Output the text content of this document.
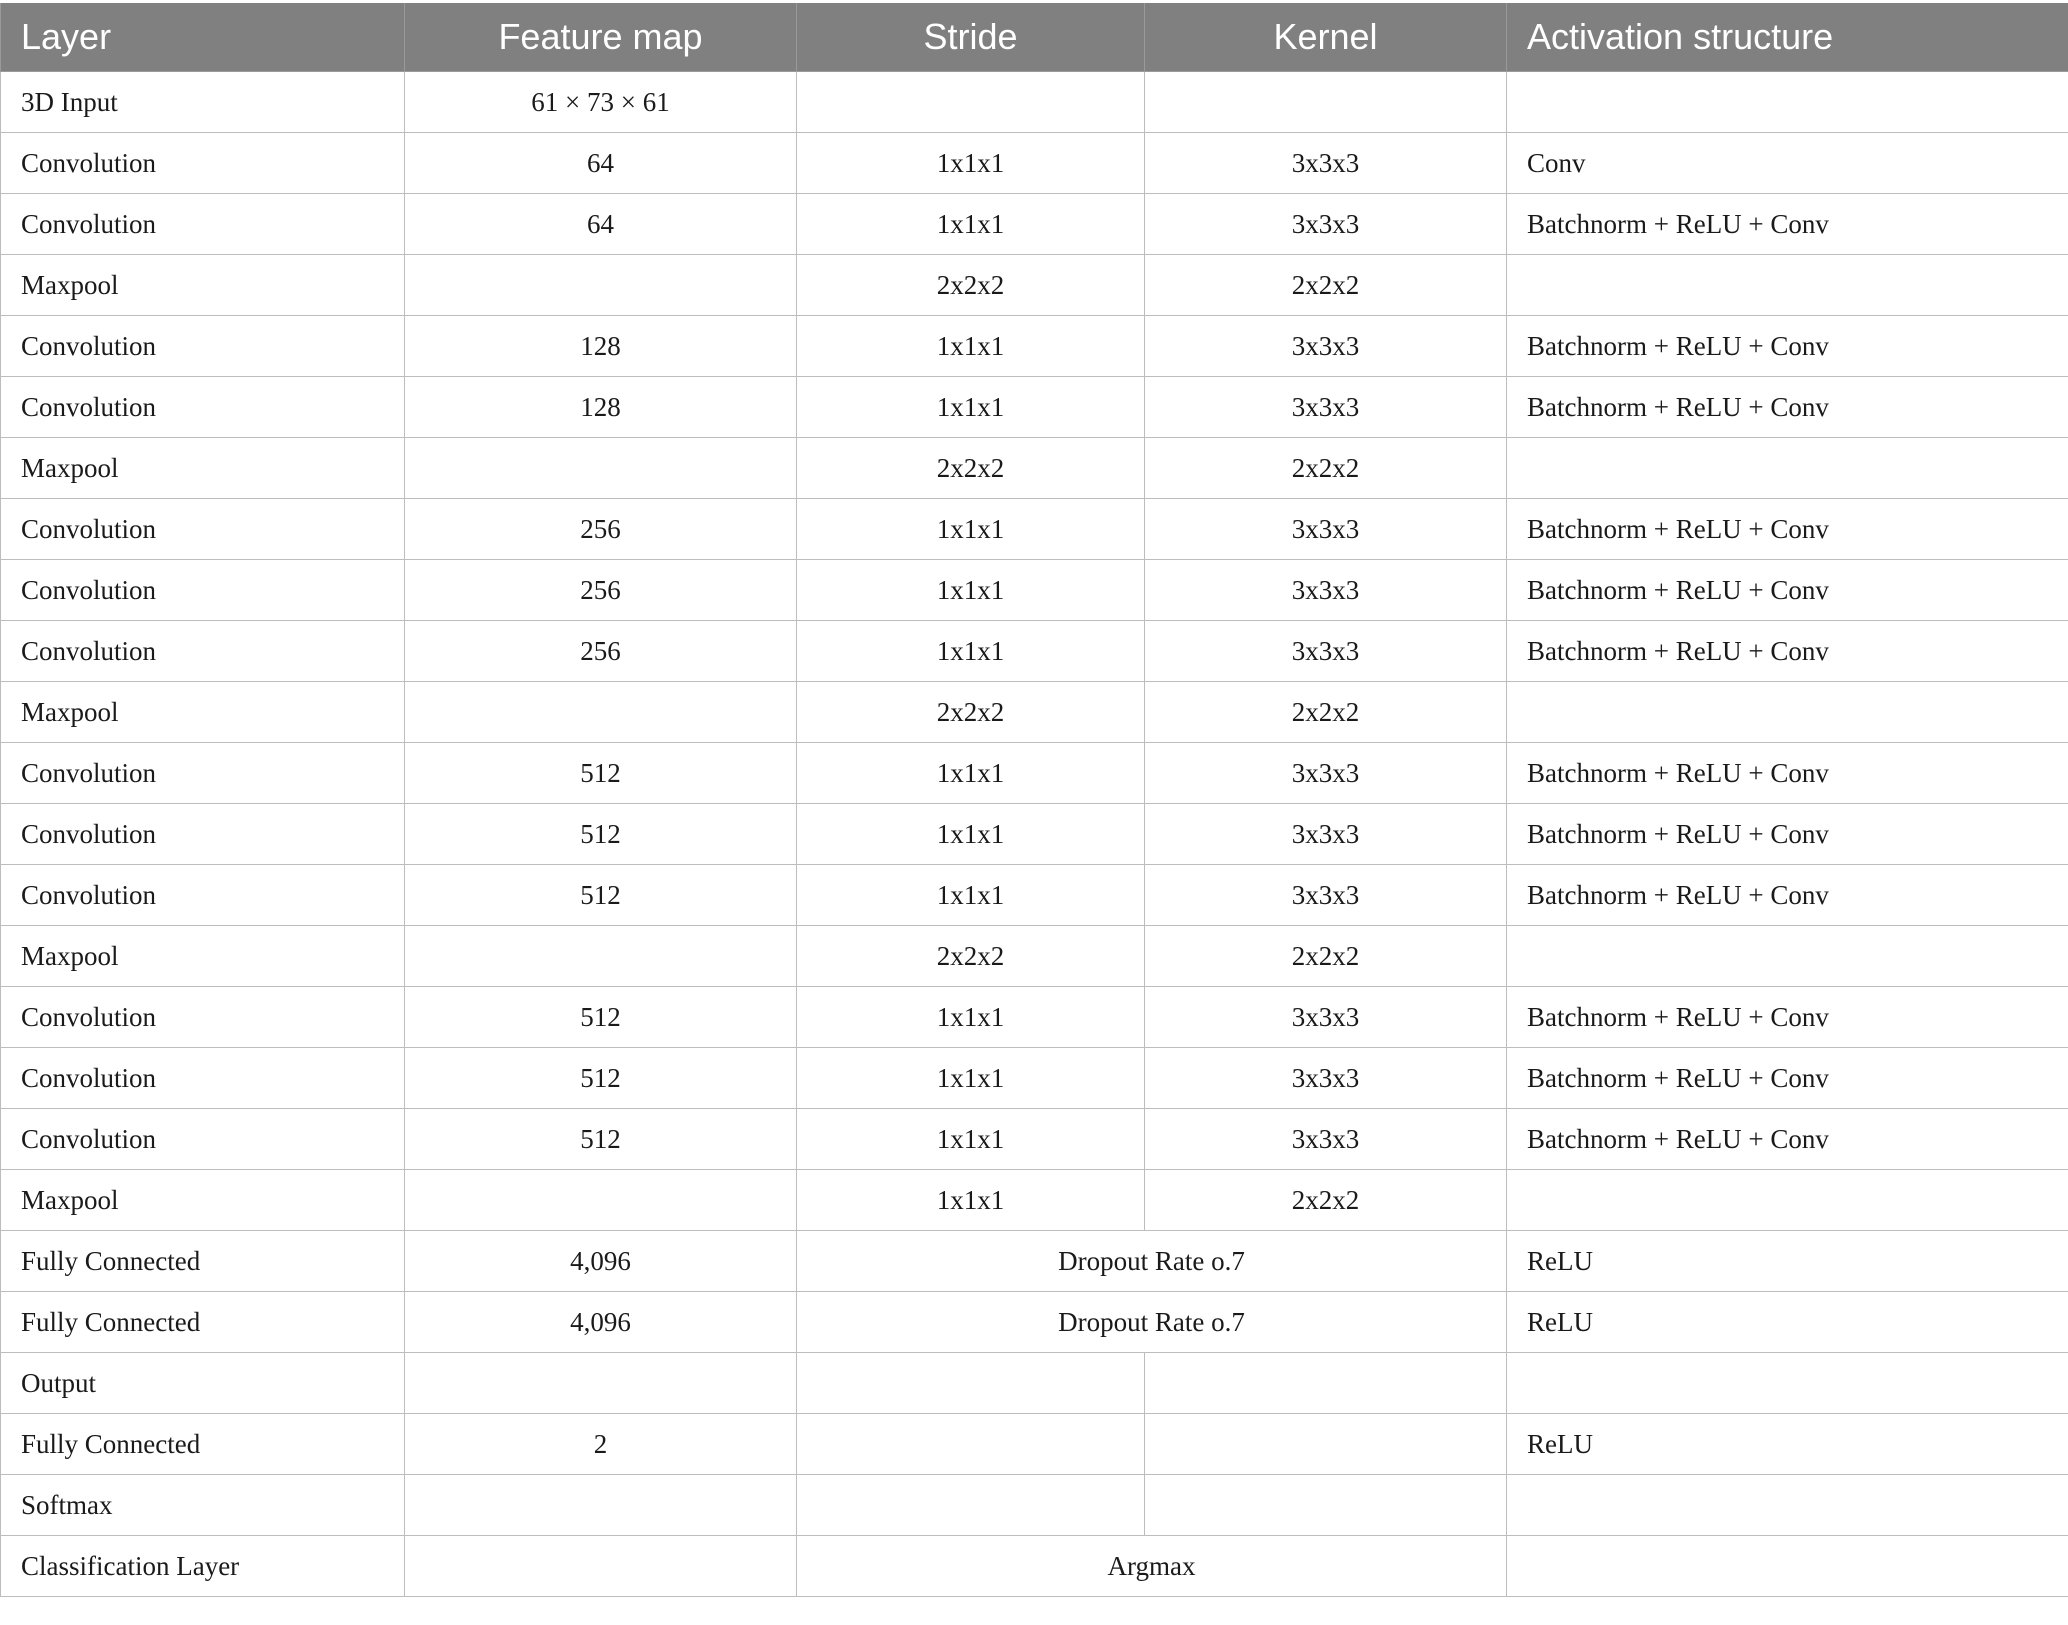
Layer	Feature map	Stride	Kernel	Activation structure
3D Input	61 × 73 × 61			
Convolution	64	1x1x1	3x3x3	Conv
Convolution	64	1x1x1	3x3x3	Batchnorm + ReLU + Conv
Maxpool		2x2x2	2x2x2	
Convolution	128	1x1x1	3x3x3	Batchnorm + ReLU + Conv
Convolution	128	1x1x1	3x3x3	Batchnorm + ReLU + Conv
Maxpool		2x2x2	2x2x2	
Convolution	256	1x1x1	3x3x3	Batchnorm + ReLU + Conv
Convolution	256	1x1x1	3x3x3	Batchnorm + ReLU + Conv
Convolution	256	1x1x1	3x3x3	Batchnorm + ReLU + Conv
Maxpool		2x2x2	2x2x2	
Convolution	512	1x1x1	3x3x3	Batchnorm + ReLU + Conv
Convolution	512	1x1x1	3x3x3	Batchnorm + ReLU + Conv
Convolution	512	1x1x1	3x3x3	Batchnorm + ReLU + Conv
Maxpool		2x2x2	2x2x2	
Convolution	512	1x1x1	3x3x3	Batchnorm + ReLU + Conv
Convolution	512	1x1x1	3x3x3	Batchnorm + ReLU + Conv
Convolution	512	1x1x1	3x3x3	Batchnorm + ReLU + Conv
Maxpool		1x1x1	2x2x2	
Fully Connected	4,096	Dropout Rate o.7		ReLU
Fully Connected	4,096	Dropout Rate o.7		ReLU
Output				
Fully Connected	2			ReLU
Softmax				
Classification Layer		Argmax		
